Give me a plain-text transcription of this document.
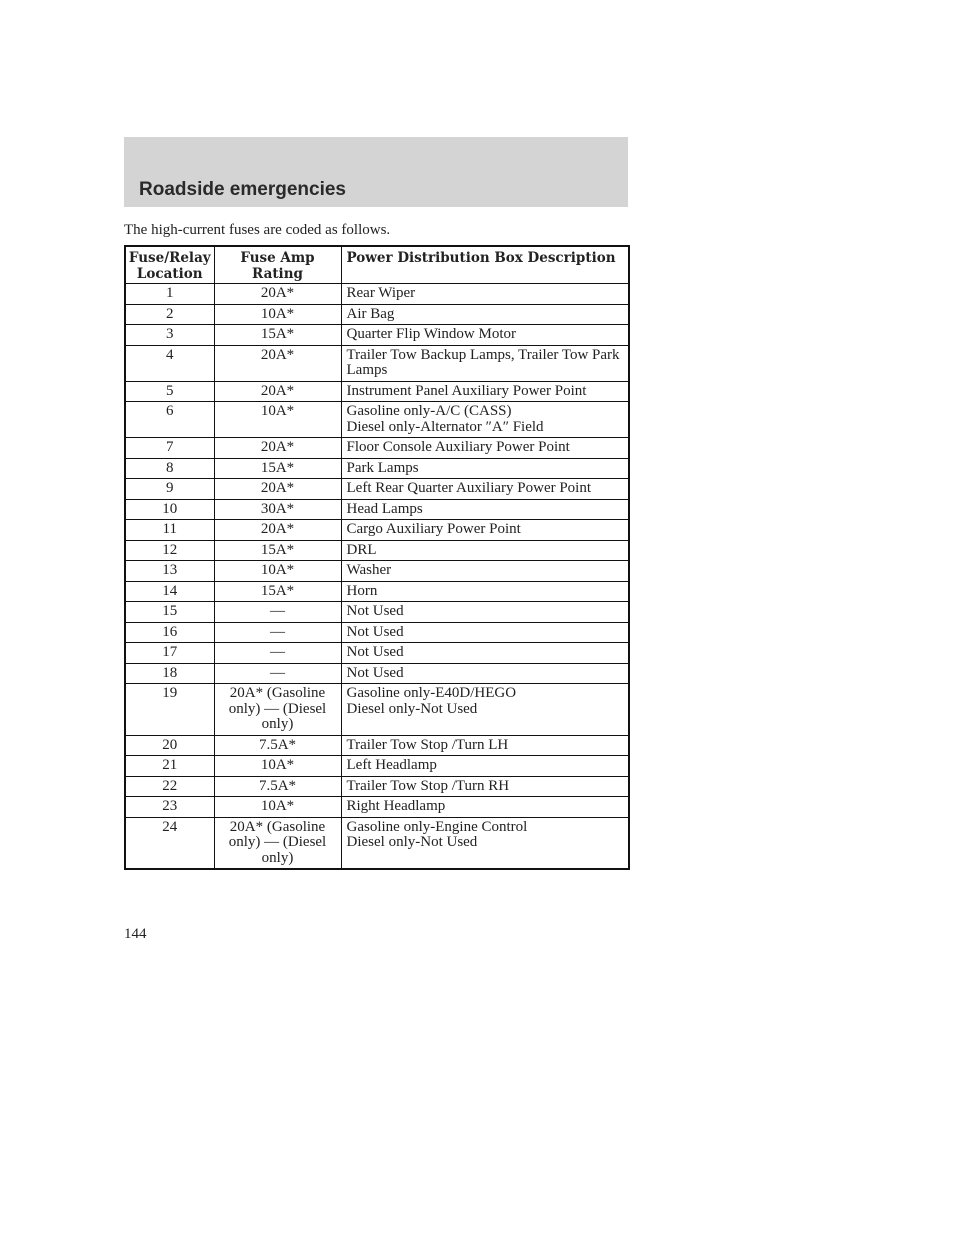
Roadside emergencies

The high-current fuses are coded as follows.

Fuse/Relay Location	Fuse Amp Rating	Power Distribution Box Description
1	20A*	Rear Wiper
2	10A*	Air Bag
3	15A*	Quarter Flip Window Motor
4	20A*	Trailer Tow Backup Lamps, Trailer Tow Park Lamps
5	20A*	Instrument Panel Auxiliary Power Point
6	10A*	Gasoline only-A/C (CASS)
Diesel only-Alternator ″A″ Field
7	20A*	Floor Console Auxiliary Power Point
8	15A*	Park Lamps
9	20A*	Left Rear Quarter Auxiliary Power Point
10	30A*	Head Lamps
11	20A*	Cargo Auxiliary Power Point
12	15A*	DRL
13	10A*	Washer
14	15A*	Horn
15	—	Not Used
16	—	Not Used
17	—	Not Used
18	—	Not Used
19	20A* (Gasoline only) — (Diesel only)	Gasoline only-E40D/HEGO
Diesel only-Not Used
20	7.5A*	Trailer Tow Stop /Turn LH
21	10A*	Left Headlamp
22	7.5A*	Trailer Tow Stop /Turn RH
23	10A*	Right Headlamp
24	20A* (Gasoline only) — (Diesel only)	Gasoline only-Engine Control
Diesel only-Not Used

144
